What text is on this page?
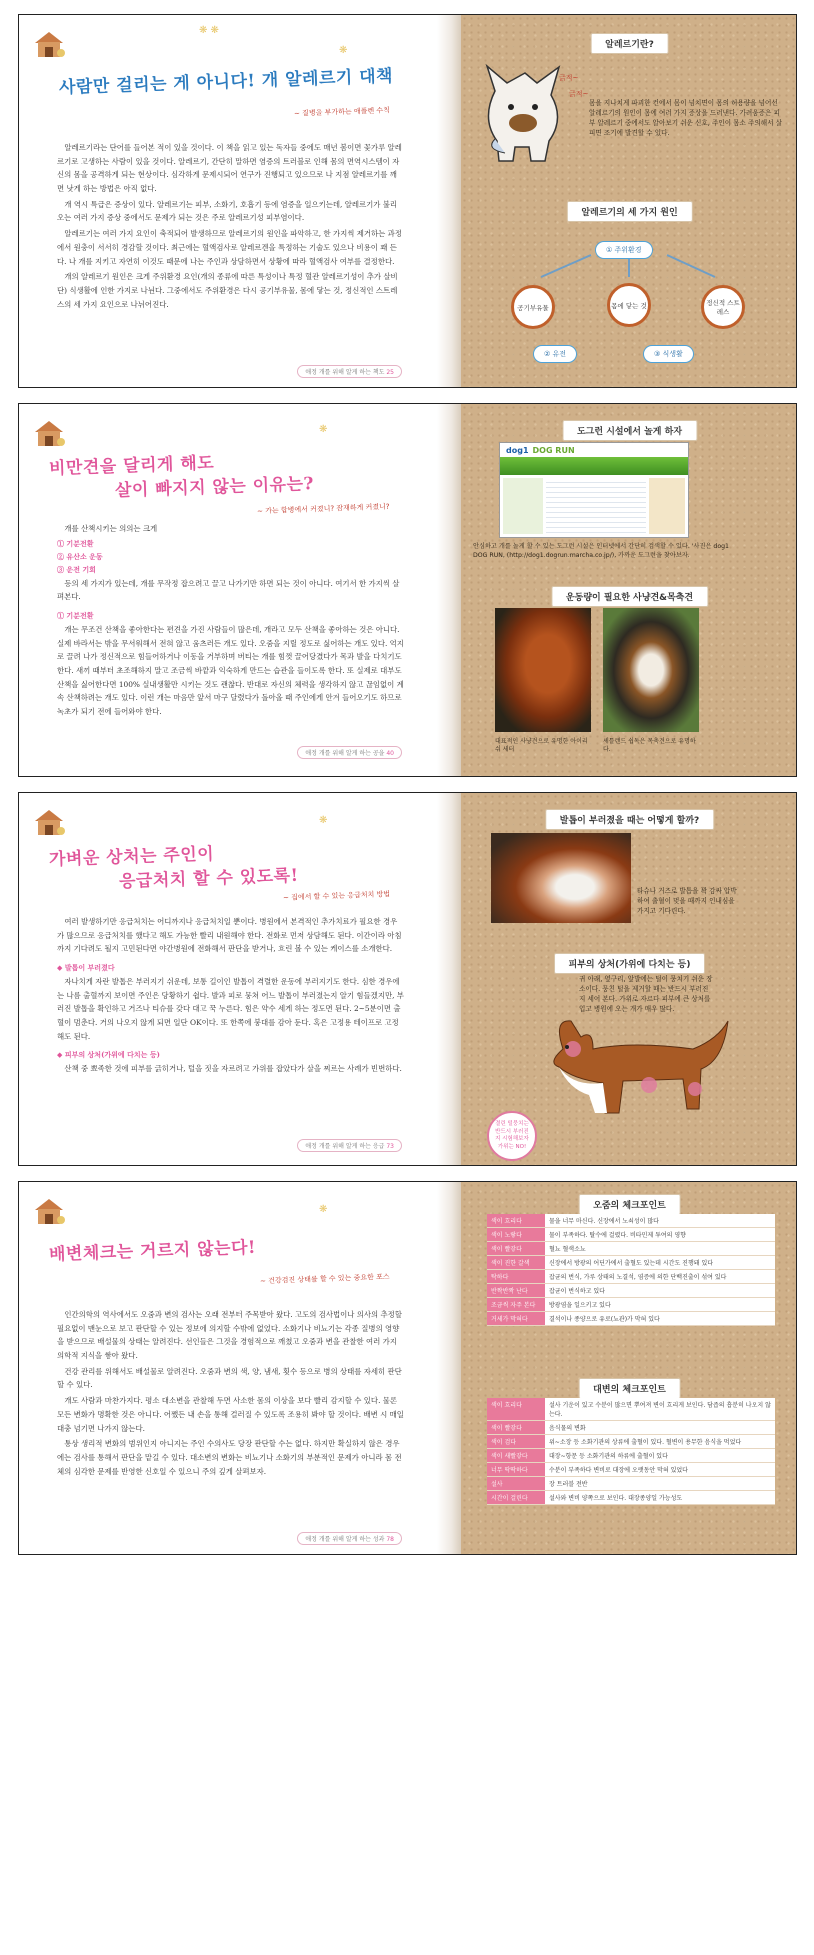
❋ ❋
❋
사람만 걸리는 게 아니다! 개 알레르기 대책
~ 질병을 부가하는 애플렌 수칙

알레르기라는 단어를 들어본 적이 있을 것이다. 이 책을 읽고 있는 독자들 중에도 매년 봄이면 꽃가루 알레르기로 고생하는 사람이 있을 것이다. 알레르기, 간단히 말하면 염증의 트러블로 인해 몸의 면역시스템이 자신의 몸을 공격하게 되는 현상이다. 심각하게 문제시되어 연구가 진행되고 있으므로 나 지점 알레르기를 깨면 낫게 하는 방법은 아직 없다.

개 역시 특급은 증상이 있다. 알레르기는 피부, 소화기, 호흡기 등에 염증을 일으키는데, 알레르기가 불리오는 여러 가지 증상 중에서도 문제가 되는 것은 주로 알레르기성 피부염이다.

알레르기는 여러 가지 요인이 축적되어 발생하므로 알레르기의 원인을 파악하고, 한 가지씩 제거하는 과정에서 원충이 서서히 경감할 것이다. 최근에는 혈액검사로 알레르겐을 특정하는 기술도 있으나 비용이 꽤 든다. 나 개를 지키고 자연히 이것도 때문에 나는 주인과 상담하면서 상황에 따라 혈액검사 여부를 결정한다.

개의 알레르기 원인은 크게 주위환경 요인(개의 종류에 따른 특성이나 특정 혈관 알레르기성이 추가 살비 단) 식생활에 인한 가지로 나뉜다. 그중에서도 주위환경은 다시 공기부유물, 몸에 닿는 것, 정신적인 스트레스의 세 가지 요인으로 나뉘어진다.

애정 개를 위해 알게 하는 책도 25
알레르기란?
긁적~
긁적~
몸을 지나치게 파괴한 컨에서 몸이 넘치면이 몸의 허용량을 넘어선 알레르기의 원인이 몸에 여러 가지 증상을 드러낸다. 가려움증은 피부 알레르기 중에서도 알아보기 쉬운 신호, 주인이 몸소 주의해서 살피면 조기에 발견할 수 있다.
알레르기의 세 가지 원인
① 주위환경
공기부유물	몸에 닿는 것	정신적 스트레스
② 유전	③ 식생활
❋
비만견을 달리게 해도
살이 빠지지 않는 이유는?
~ 가는 합병에서 커졌니? 잠재하게 커졌니?

개를 산책시키는 의의는 크게

① 기분전환
② 유산소 운동
③ 운전 기회

등의 세 가지가 있는데, 개를 무작정 잡으려고 끌고 나가기만 하면 되는 것이 아니다. 여기서 한 가지씩 살펴본다.

① 기분전환

개는 무조건 산책을 좋아한다는 편견을 가진 사람들이 많은데, 개라고 모두 산책을 좋아하는 것은 아니다. 실제 바라서는 밖을 무서워해서 전혀 않고 움츠러든 개도 있다. 오줌을 지릴 정도로 싫어하는 개도 있다. 억지로 끌려 나가 정신적으로 힘들어하거나 이동을 거부하며 버티는 개를 힘껏 끌어당겼다가 목과 발을 다치기도 한다. 새끼 때부터 초조해하지 말고 조금씩 바깥과 익숙하게 만드는 습관을 들이도록 한다. 또 실제로 대부도 산책을 싫어한다면 100% 실내생활만 시키는 것도 괜찮다. 반대로 자신의 체력을 생각하지 않고 끊임없이 계속 산책하려는 개도 있다. 이런 개는 마음만 앞서 마구 달렸다가 돌아올 때 주인에게 안겨 들어오기도 하므로 녹초가 되기 전에 들어와야 한다.

애정 개를 위해 알게 하는 공을 40
도그런 시설에서 놀게 하자
dog1 DOG RUN
안심하고 개를 놀게 할 수 있는 도그런 시설은 인터넷에서 간단히 검색할 수 있다. '사진은 dog1 DOG RUN, (http://dog1.dogrun.marcha.co.jp/), 가까운 도그런을 찾아보자.
운동량이 필요한 사냥견&목축견
대표적인 사냥견으로 유명한 아이리쉬 세터
셰틀랜드 쉽독은 목축견으로 유명하다.
❋
가벼운 상처는 주인이
응급처치 할 수 있도록!
~ 집에서 할 수 있는 응급처치 방법

여러 발생하기만 응급처치는 어디까지나 응급처치일 뿐이다. 병원에서 본격적인 추가치료가 필요한 경우가 많으므로 응급처치를 했다고 해도 가능한 빨리 내원해야 한다. 전화로 먼저 상담해도 된다. 이간이라 아침까지 기다려도 될지 고민된다면 야간병원에 전화해서 판단을 받거나, 흐린 볼 수 있는 케이스를 소개한다.

◆ 발톱이 부러졌다

자나치게 자란 발톱은 부러지기 쉬운데, 보통 길이인 발톱이 격렬한 운동에 부러지기도 한다. 심한 경우에는 나름 출혈까지 보이면 주인은 당황하기 쉽다. 발과 피로 뭉쳐 어느 발톱이 부러졌는지 알기 힘들겠지만, 부러진 발톱을 확인하고 거즈나 티슈를 갖다 대고 꾹 누른다. 힘은 약수 세게 하는 정도면 된다. 2~5분이면 출혈이 멈춘다. 거의 나오지 않게 되면 일단 OK이다. 또 한쪽에 붕대를 감아 둔다. 혹은 고정용 테이프로 고정해도 된다.

◆ 피부의 상처(가위에 다치는 등)

산책 중 뾰족한 것에 피부를 긁히거나, 털을 짓을 자르려고 가위를 잡았다가 살을 찌르는 사례가 빈번하다.

애정 개를 위해 알게 하는 응급 73
발톱이 부러졌을 때는 어떻게 할까?
타슈나 거즈로 발톱을 꽉 감싸 압박하여 출혈이 멎을 때까지 인내심을 가지고 기다린다.
피부의 상처(가위에 다치는 등)
귀 아래, 옆구리, 앞발에는 털이 뭉치기 쉬운 장소이다. 뭉친 털을 제거할 때는 반드시 부러진지 세어 본다. 가위로 자르다 피부에 큰 상처를 입고 병원에 오는 개가 매우 많다.
결린 털뭉치는 반드시 부러진지 시험해보자 가위는 NO!
❋
배변체크는 거르지 않는다!
~ 건강검진 상태를 할 수 있는 중요한 포스

인간의학의 역사에서도 오줌과 변의 검사는 오래 전부터 주목받아 왔다. 고도의 검사법이나 의사의 추정할 필요없이 맨눈으로 보고 판단할 수 있는 정보에 의지할 수밖에 없었다. 소화기나 비뇨기는 각종 질병의 영향을 받으므로 배설물의 상태는 알려진다. 선인들은 그것을 경험적으로 깨쳤고 오줌과 변을 관찰한 여러 가지 의학적 지식을 쌓아 왔다.

건강 관리를 위해서도 배설물로 알려진다. 오줌과 변의 색, 양, 냄새, 횟수 등으로 병의 상태를 자세히 판단할 수 있다.

개도 사람과 마찬가지다. 평소 대소변을 관찰해 두면 사소한 몸의 이상을 보다 빨리 감지할 수 있다. 물론 모든 변화가 명확한 것은 아니다. 어쨌든 내 손을 통해 걸러질 수 있도록 조용히 봐야 할 것이다. 배변 시 매일 대충 넘기면 나가지 않는다.

통상 생리적 변화의 범위인지 아니지는 주인 수의사도 당장 판단할 수는 없다. 하지만 확실하지 않은 경우에는 검사를 통해서 판단을 맡길 수 있다. 대소변의 변화는 비뇨기나 소화기의 부분적인 문제가 아니라 몸 전체의 심각한 문제를 반영한 신호일 수 있으니 주의 깊게 살펴보자.

애정 개를 위해 알게 하는 성과 78
오줌의 체크포인트
색이 흐리다	물을 너무 마신다. 신장에서 노쇠성이 많다
색이 노랗다	물이 부족하다. 탈수에 걸렸다. 비타민제 투여의 영향
색이 빨갛다	혈뇨 혈색소뇨
색이 진한 갈색	신장에서 방광의 어딘가에서 출혈도 있는데 시간도 진행돼 있다
탁하다	잡균의 번식, 가루 상태의 노결석, 염증에 의한 단백진출이 섞여 있다
반짝반짝 난다	잡균이 번식하고 있다
조금씩 자주 본다	방광염을 일으키고 있다
거세가 막혀다	결석이나 종양으로 유로(뇨관)가 막혀 있다
대변의 체크포인트
색이 흐리다	설사 기운이 있고 수분이 많으면 뿌여져 변이 흐리게 보인다. 담즙의 흡분히 나오지 않는다.
색이 빨갛다	음식물의 변화
색이 검다	위~소장 등 소화기관의 상류에 출혈이 있다. 혈변이 용무한 음식을 먹었다
색이 새빨갛다	대장~항문 등 소화기관의 하류에 출혈이 있다
너무 딱딱하다	수분이 부족하다 변비로 대장에 오랫동안 막혀 있었다
설사	장 트러블 전반
시간이 걸린다	설사와 변비 양쪽으로 보인다. 대장종양일 가능성도
